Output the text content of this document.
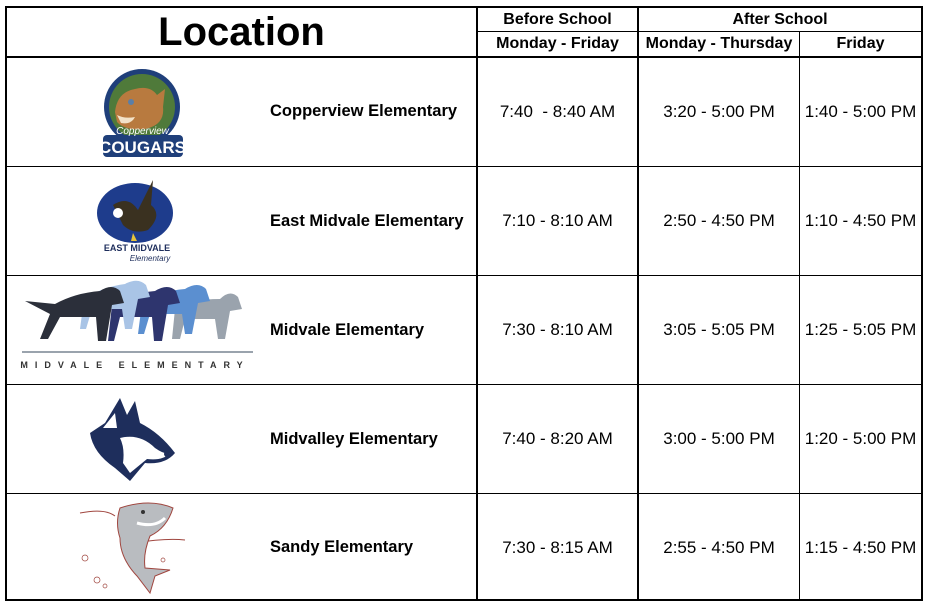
Location	Before School	After School
Monday - Friday	Monday - Thursday	Friday
Copperview
COUGARS
Copperview Elementary	7:40  - 8:40 AM	3:20 - 5:00 PM	1:40 - 5:00 PM
EAST MIDVALE
Elementary
East Midvale Elementary	7:10 - 8:10 AM	2:50 - 4:50 PM	1:10 - 4:50 PM
MIDVALE ELEMENTARY
Midvale Elementary	7:30 - 8:10 AM	3:05 - 5:05 PM	1:25 - 5:05 PM
Midvalley Elementary	7:40 - 8:20 AM	3:00 - 5:00 PM	1:20 - 5:00 PM
Sandy Elementary	7:30 - 8:15 AM	2:55 - 4:50 PM	1:15 - 4:50 PM
